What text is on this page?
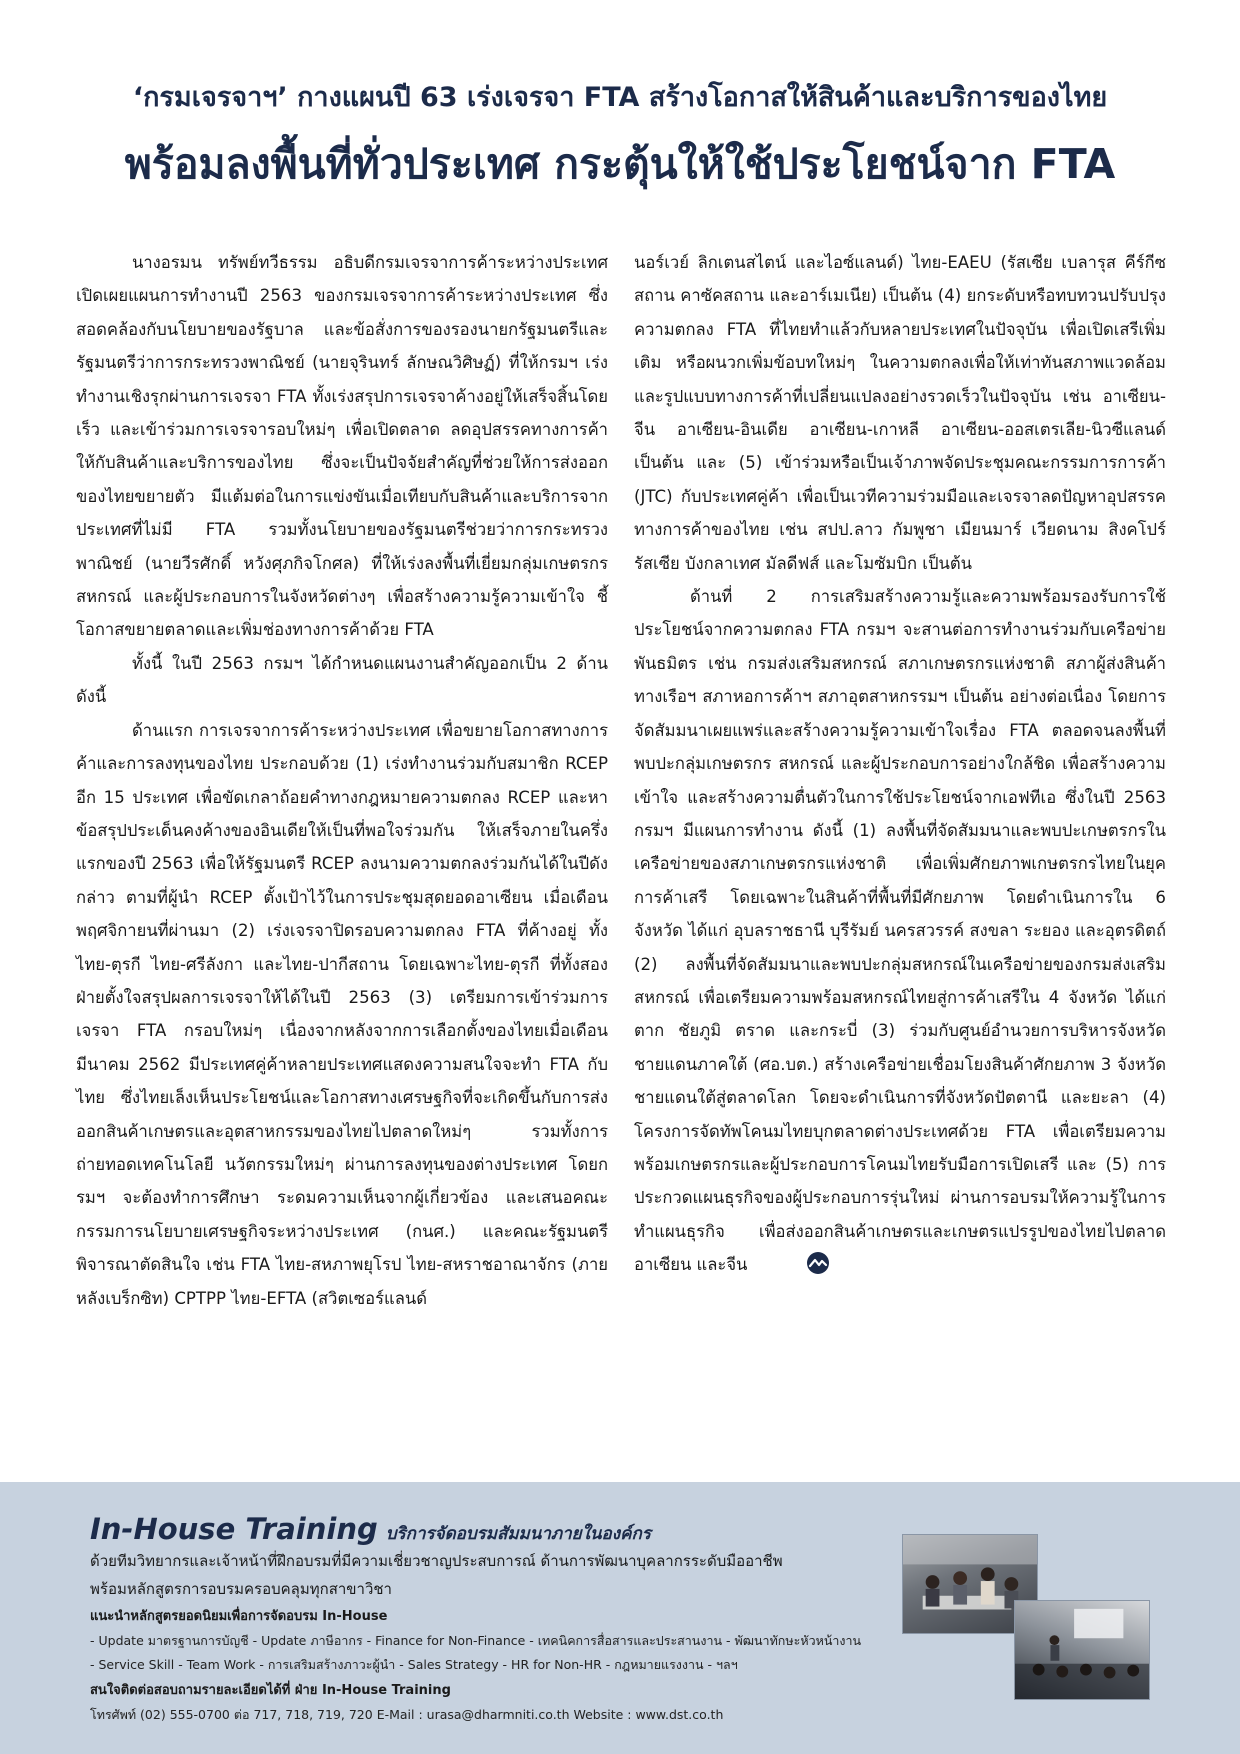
‘กรมเจรจาฯ’ กางแผนปี 63 เร่งเจรจา FTA สร้างโอกาสให้สินค้าและบริการของไทย
พร้อมลงพื้นที่ทั่วประเทศ กระตุ้นให้ใช้ประโยชน์จาก FTA

นางอรมน ทรัพย์ทวีธรรม อธิบดีกรมเจรจาการค้าระหว่างประเทศ เปิดเผยแผนการทำงานปี 2563 ของกรมเจรจาการค้าระหว่างประเทศ ซึ่งสอดคล้องกับนโยบายของรัฐบาล และข้อสั่งการของรองนายกรัฐมนตรีและรัฐมนตรีว่าการกระทรวงพาณิชย์ (นายจุรินทร์ ลักษณวิศิษฏ์) ที่ให้กรมฯ เร่งทำงานเชิงรุกผ่านการเจรจา FTA ทั้งเร่งสรุปการเจรจาค้างอยู่ให้เสร็จสิ้นโดยเร็ว และเข้าร่วมการเจรจารอบใหม่ๆ เพื่อเปิดตลาด ลดอุปสรรคทางการค้าให้กับสินค้าและบริการของไทย ซึ่งจะเป็นปัจจัยสำคัญที่ช่วยให้การส่งออกของไทยขยายตัว มีแต้มต่อในการแข่งขันเมื่อเทียบกับสินค้าและบริการจากประเทศที่ไม่มี FTA รวมทั้งนโยบายของรัฐมนตรีช่วยว่าการกระทรวงพาณิชย์ (นายวีรศักดิ์ หวังศุภกิจโกศล) ที่ให้เร่งลงพื้นที่เยี่ยมกลุ่มเกษตรกร สหกรณ์ และผู้ประกอบการในจังหวัดต่างๆ เพื่อสร้างความรู้ความเข้าใจ ชี้โอกาสขยายตลาดและเพิ่มช่องทางการค้าด้วย FTA

ทั้งนี้ ในปี 2563 กรมฯ ได้กำหนดแผนงานสำคัญออกเป็น 2 ด้าน ดังนี้

ด้านแรก การเจรจาการค้าระหว่างประเทศ เพื่อขยายโอกาสทางการค้าและการลงทุนของไทย ประกอบด้วย (1) เร่งทำงานร่วมกับสมาชิก RCEP อีก 15 ประเทศ เพื่อขัดเกลาถ้อยคำทางกฎหมายความตกลง RCEP และหาข้อสรุปประเด็นคงค้างของอินเดียให้เป็นที่พอใจร่วมกัน ให้เสร็จภายในครึ่งแรกของปี 2563 เพื่อให้รัฐมนตรี RCEP ลงนามความตกลงร่วมกันได้ในปีดังกล่าว ตามที่ผู้นำ RCEP ตั้งเป้าไว้ในการประชุมสุดยอดอาเซียน เมื่อเดือนพฤศจิกายนที่ผ่านมา (2) เร่งเจรจาปิดรอบความตกลง FTA ที่ค้างอยู่ ทั้งไทย-ตุรกี ไทย-ศรีลังกา และไทย-ปากีสถาน โดยเฉพาะไทย-ตุรกี ที่ทั้งสองฝ่ายตั้งใจสรุปผลการเจรจาให้ได้ในปี 2563 (3) เตรียมการเข้าร่วมการเจรจา FTA กรอบใหม่ๆ เนื่องจากหลังจากการเลือกตั้งของไทยเมื่อเดือนมีนาคม 2562 มีประเทศคู่ค้าหลายประเทศแสดงความสนใจจะทำ FTA กับไทย ซึ่งไทยเล็งเห็นประโยชน์และโอกาสทางเศรษฐกิจที่จะเกิดขึ้นกับการส่งออกสินค้าเกษตรและอุตสาหกรรมของไทยไปตลาดใหม่ๆ รวมทั้งการถ่ายทอดเทคโนโลยี นวัตกรรมใหม่ๆ ผ่านการลงทุนของต่างประเทศ โดยกรมฯ จะต้องทำการศึกษา ระดมความเห็นจากผู้เกี่ยวข้อง และเสนอคณะกรรมการนโยบายเศรษฐกิจระหว่างประเทศ (กนศ.) และคณะรัฐมนตรีพิจารณาตัดสินใจ เช่น FTA ไทย-สหภาพยุโรป ไทย-สหราชอาณาจักร (ภายหลังเบร็กซิท) CPTPP ไทย-EFTA (สวิตเซอร์แลนด์

นอร์เวย์ ลิกเตนสไตน์ และไอซ์แลนด์) ไทย-EAEU (รัสเซีย เบลารุส คีร์กีซสถาน คาซัคสถาน และอาร์เมเนีย) เป็นต้น (4) ยกระดับหรือทบทวนปรับปรุงความตกลง FTA ที่ไทยทำแล้วกับหลายประเทศในปัจจุบัน เพื่อเปิดเสรีเพิ่มเติม หรือผนวกเพิ่มข้อบทใหม่ๆ ในความตกลงเพื่อให้เท่าทันสภาพแวดล้อมและรูปแบบทางการค้าที่เปลี่ยนแปลงอย่างรวดเร็วในปัจจุบัน เช่น อาเซียน-จีน อาเซียน-อินเดีย อาเซียน-เกาหลี อาเซียน-ออสเตรเลีย-นิวซีแลนด์ เป็นต้น และ (5) เข้าร่วมหรือเป็นเจ้าภาพจัดประชุมคณะกรรมการการค้า (JTC) กับประเทศคู่ค้า เพื่อเป็นเวทีความร่วมมือและเจรจาลดปัญหาอุปสรรคทางการค้าของไทย เช่น สปป.ลาว กัมพูชา เมียนมาร์ เวียดนาม สิงคโปร์ รัสเซีย บังกลาเทศ มัลดีฟส์ และโมซัมบิก เป็นต้น

ด้านที่ 2 การเสริมสร้างความรู้และความพร้อมรองรับการใช้ประโยชน์จากความตกลง FTA กรมฯ จะสานต่อการทำงานร่วมกับเครือข่ายพันธมิตร เช่น กรมส่งเสริมสหกรณ์ สภาเกษตรกรแห่งชาติ สภาผู้ส่งสินค้าทางเรือฯ สภาหอการค้าฯ สภาอุตสาหกรรมฯ เป็นต้น อย่างต่อเนื่อง โดยการจัดสัมมนาเผยแพร่และสร้างความรู้ความเข้าใจเรื่อง FTA ตลอดจนลงพื้นที่พบปะกลุ่มเกษตรกร สหกรณ์ และผู้ประกอบการอย่างใกล้ชิด เพื่อสร้างความเข้าใจ และสร้างความตื่นตัวในการใช้ประโยชน์จากเอฟทีเอ ซึ่งในปี 2563 กรมฯ มีแผนการทำงาน ดังนี้ (1) ลงพื้นที่จัดสัมมนาและพบปะเกษตรกรในเครือข่ายของสภาเกษตรกรแห่งชาติ เพื่อเพิ่มศักยภาพเกษตรกรไทยในยุคการค้าเสรี โดยเฉพาะในสินค้าที่พื้นที่มีศักยภาพ โดยดำเนินการใน 6 จังหวัด ได้แก่ อุบลราชธานี บุรีรัมย์ นครสวรรค์ สงขลา ระยอง และอุตรดิตถ์ (2) ลงพื้นที่จัดสัมมนาและพบปะกลุ่มสหกรณ์ในเครือข่ายของกรมส่งเสริมสหกรณ์ เพื่อเตรียมความพร้อมสหกรณ์ไทยสู่การค้าเสรีใน 4 จังหวัด ได้แก่ ตาก ชัยภูมิ ตราด และกระบี่ (3) ร่วมกับศูนย์อำนวยการบริหารจังหวัดชายแดนภาคใต้ (ศอ.บต.) สร้างเครือข่ายเชื่อมโยงสินค้าศักยภาพ 3 จังหวัดชายแดนใต้สู่ตลาดโลก โดยจะดำเนินการที่จังหวัดปัตตานี และยะลา (4) โครงการจัดทัพโคนมไทยบุกตลาดต่างประเทศด้วย FTA เพื่อเตรียมความพร้อมเกษตรกรและผู้ประกอบการโคนมไทยรับมือการเปิดเสรี และ (5) การประกวดแผนธุรกิจของผู้ประกอบการรุ่นใหม่ ผ่านการอบรมให้ความรู้ในการทำแผนธุรกิจ เพื่อส่งออกสินค้าเกษตรและเกษตรแปรรูปของไทยไปตลาดอาเซียน และจีน

In-House Training บริการจัดอบรมสัมมนาภายในองค์กร
ด้วยทีมวิทยากรและเจ้าหน้าที่ฝึกอบรมที่มีความเชี่ยวชาญประสบการณ์ ด้านการพัฒนาบุคลากรระดับมืออาชีพ
พร้อมหลักสูตรการอบรมครอบคลุมทุกสาขาวิชา
แนะนำหลักสูตรยอดนิยมเพื่อการจัดอบรม In-House
- Update มาตรฐานการบัญชี - Update ภาษีอากร - Finance for Non-Finance - เทคนิคการสื่อสารและประสานงาน - พัฒนาทักษะหัวหน้างาน
- Service Skill - Team Work - การเสริมสร้างภาวะผู้นำ - Sales Strategy - HR for Non-HR - กฎหมายแรงงาน - ฯลฯ
สนใจติดต่อสอบถามรายละเอียดได้ที่ ฝ่าย In-House Training
โทรศัพท์ (02) 555-0700 ต่อ 717, 718, 719, 720 E-Mail : urasa@dharmniti.co.th Website : www.dst.co.th
